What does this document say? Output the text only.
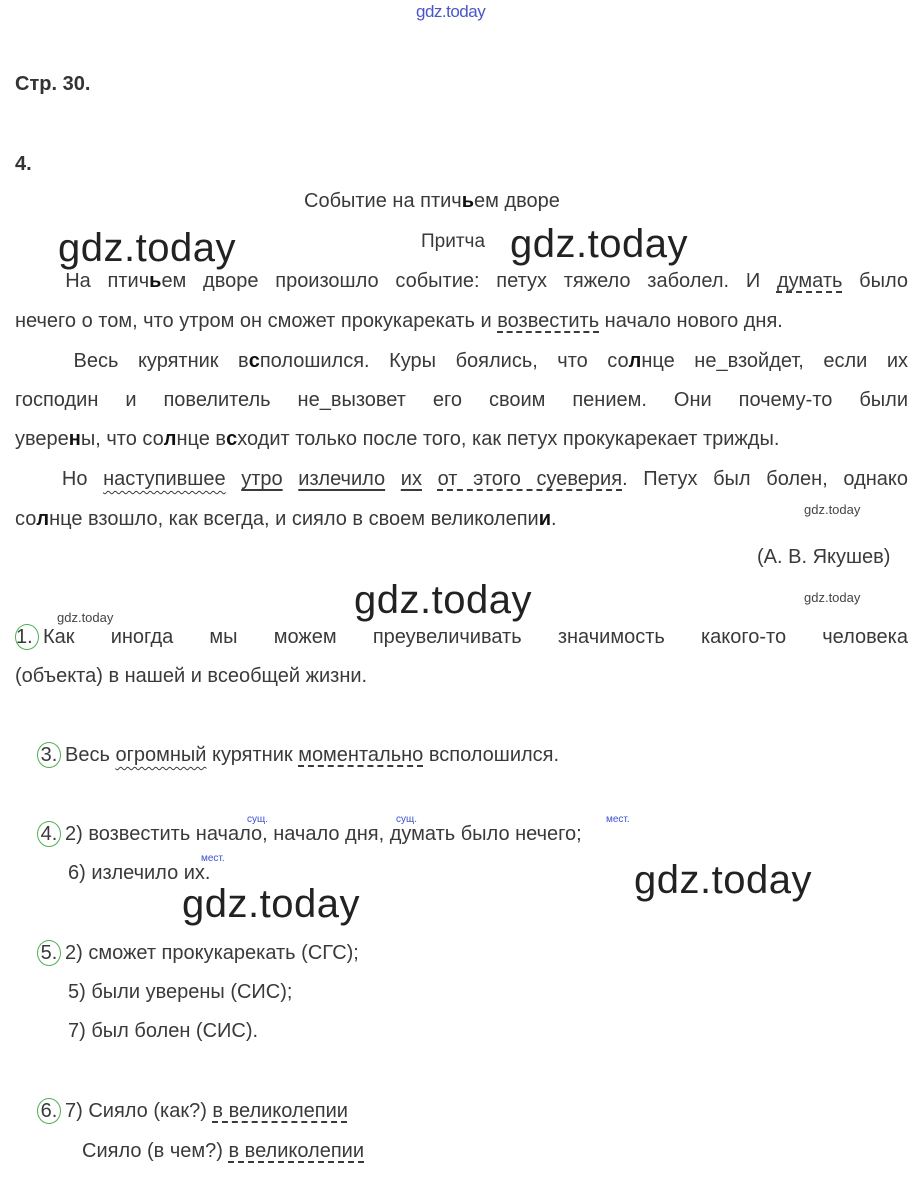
gdz.today
gdz.today	gdz.today
gdz.today
gdz.today	gdz.today
gdz.today
gdz.today
gdz.today
Стр. 30.
4.
Событие на птичьем дворе
Притча
На птичьем дворе произошло событие: петух тяжело заболел. И думать было
нечего о том, что утром он сможет прокукарекать и возвестить начало нового дня.
Весь курятник всполошился. Куры боялись, что солнце не_взойдет, если их
господин и повелитель не_вызовет его своим пением. Они почему-то были
уверены, что солнце всходит только после того, как петух прокукарекает трижды.
Но наступившее утро излечило их от этого суеверия. Петух был болен, однако
солнце взошло, как всегда, и сияло в своем великолепии.
(А. В. Якушев)
1. Как иногда мы можем преувеличивать значимость какого-то человека
(объекта) в нашей и всеобщей жизни.
3. Весь огромный курятник моментально всполошился.
сущ.	сущ.	мест.
4. 2) возвестить начало, начало дня, думать было нечего;
мест.
6) излечило их.
5. 2) сможет прокукарекать (СГС);
5) были уверены (СИС);
7) был болен (СИС).
6. 7) Сияло (как?) в великолепии
Сияло (в чем?) в великолепии
